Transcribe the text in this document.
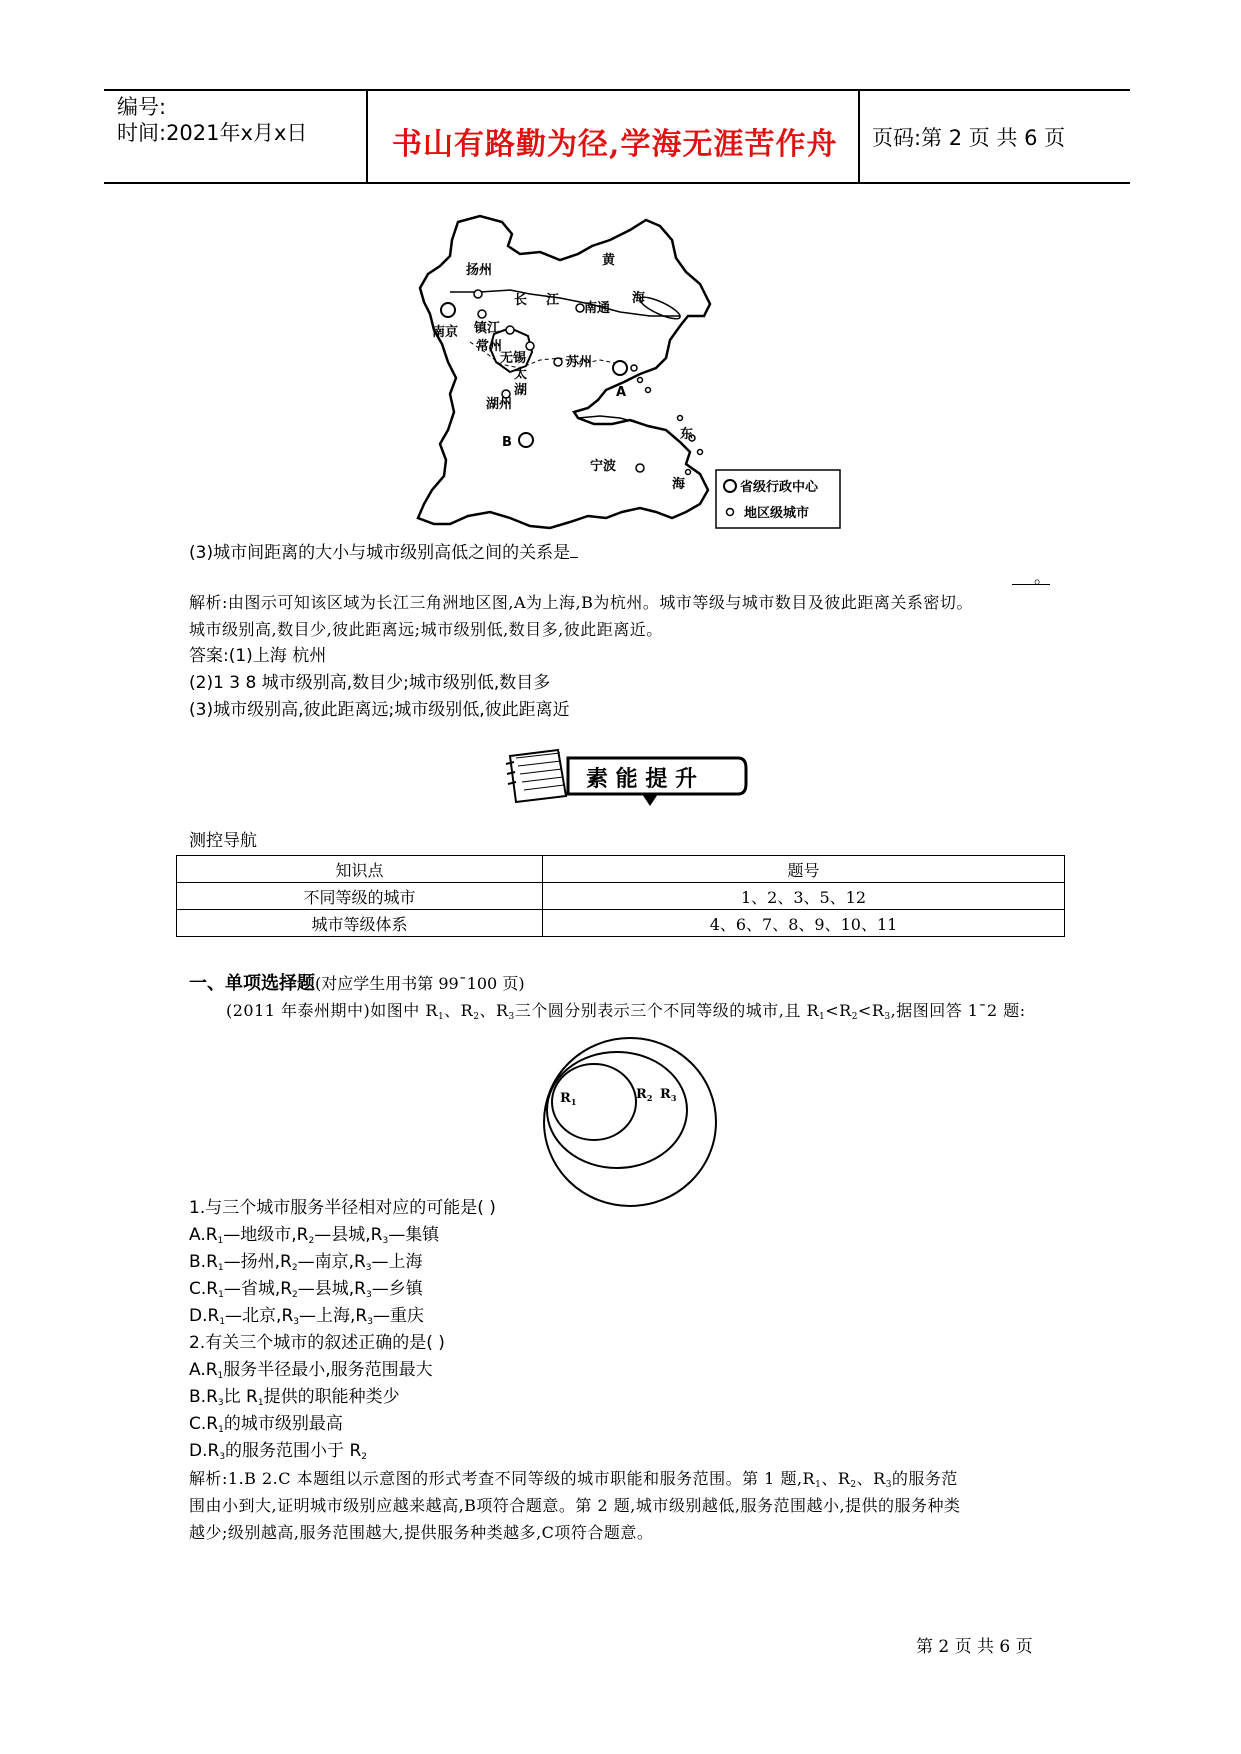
编号:
时间:2021年x月x日	书山有路勤为径,学海无涯苦作舟 页码:第 2 页 共 6 页
扬州
黄
长 江
南通
海
南京 镇江
常州
无锡
太
湖
苏州
A
湖州
B
东
宁波
海	省级行政中心
地区级城市
(3)城市间距离的大小与城市级别高低之间的关系是
。
解析:由图示可知该区域为长江三角洲地区图,A为上海,B为杭州。城市等级与城市数目及彼此距离关系密切。
城市级别高,数目少,彼此距离远;城市级别低,数目多,彼此距离近。
答案:(1)上海 杭州
(2)1 3 8 城市级别高,数目少;城市级别低,数目多
(3)城市级别高,彼此距离远;城市级别低,彼此距离近
素 能 提 升
测控导航
知识点	题号
不同等级的城市	1、2、3、5、12
城市等级体系	4、6、7、8、9、10、11
一、单项选择题(对应学生用书第 99¯100 页)
(2011 年泰州期中)如图中 $R_1$、$R_2$、$R_3$三个圆分别表示三个不同等级的城市,且 $R_1<R_2<R_3$,据图回答 1¯2 题:
$R_1$	$R_2$ $R_3$
1.与三个城市服务半径相对应的可能是( )
$A.R_1—$地级市$,R_2—$县城$,R_3—$集镇
$B.R_1—$扬州$,R_2—$南京$,R_3—$上海
$C.R_1—$省城$,R_2—$县城$,R_3—$乡镇
$D.R_1—$北京$,R_3—$上海$,R_3—$重庆
2.有关三个城市的叙述正确的是( )
$A.R_1$服务半径最小,服务范围最大
$B.R_3$比 $R_1$提供的职能种类少
$C.R_1$的城市级别最高
$D.R_3$的服务范围小于 $R_2$
解析:1.B 2.C 本题组以示意图的形式考查不同等级的城市职能和服务范围。第 1 题$,R_1$、$R_2$、$R_3$的服务范
围由小到大,证明城市级别应越来越高,B项符合题意。第 2 题,城市级别越低,服务范围越小,提供的服务种类
越少;级别越高,服务范围越大,提供服务种类越多,C项符合题意。
第 2 页 共 6 页
